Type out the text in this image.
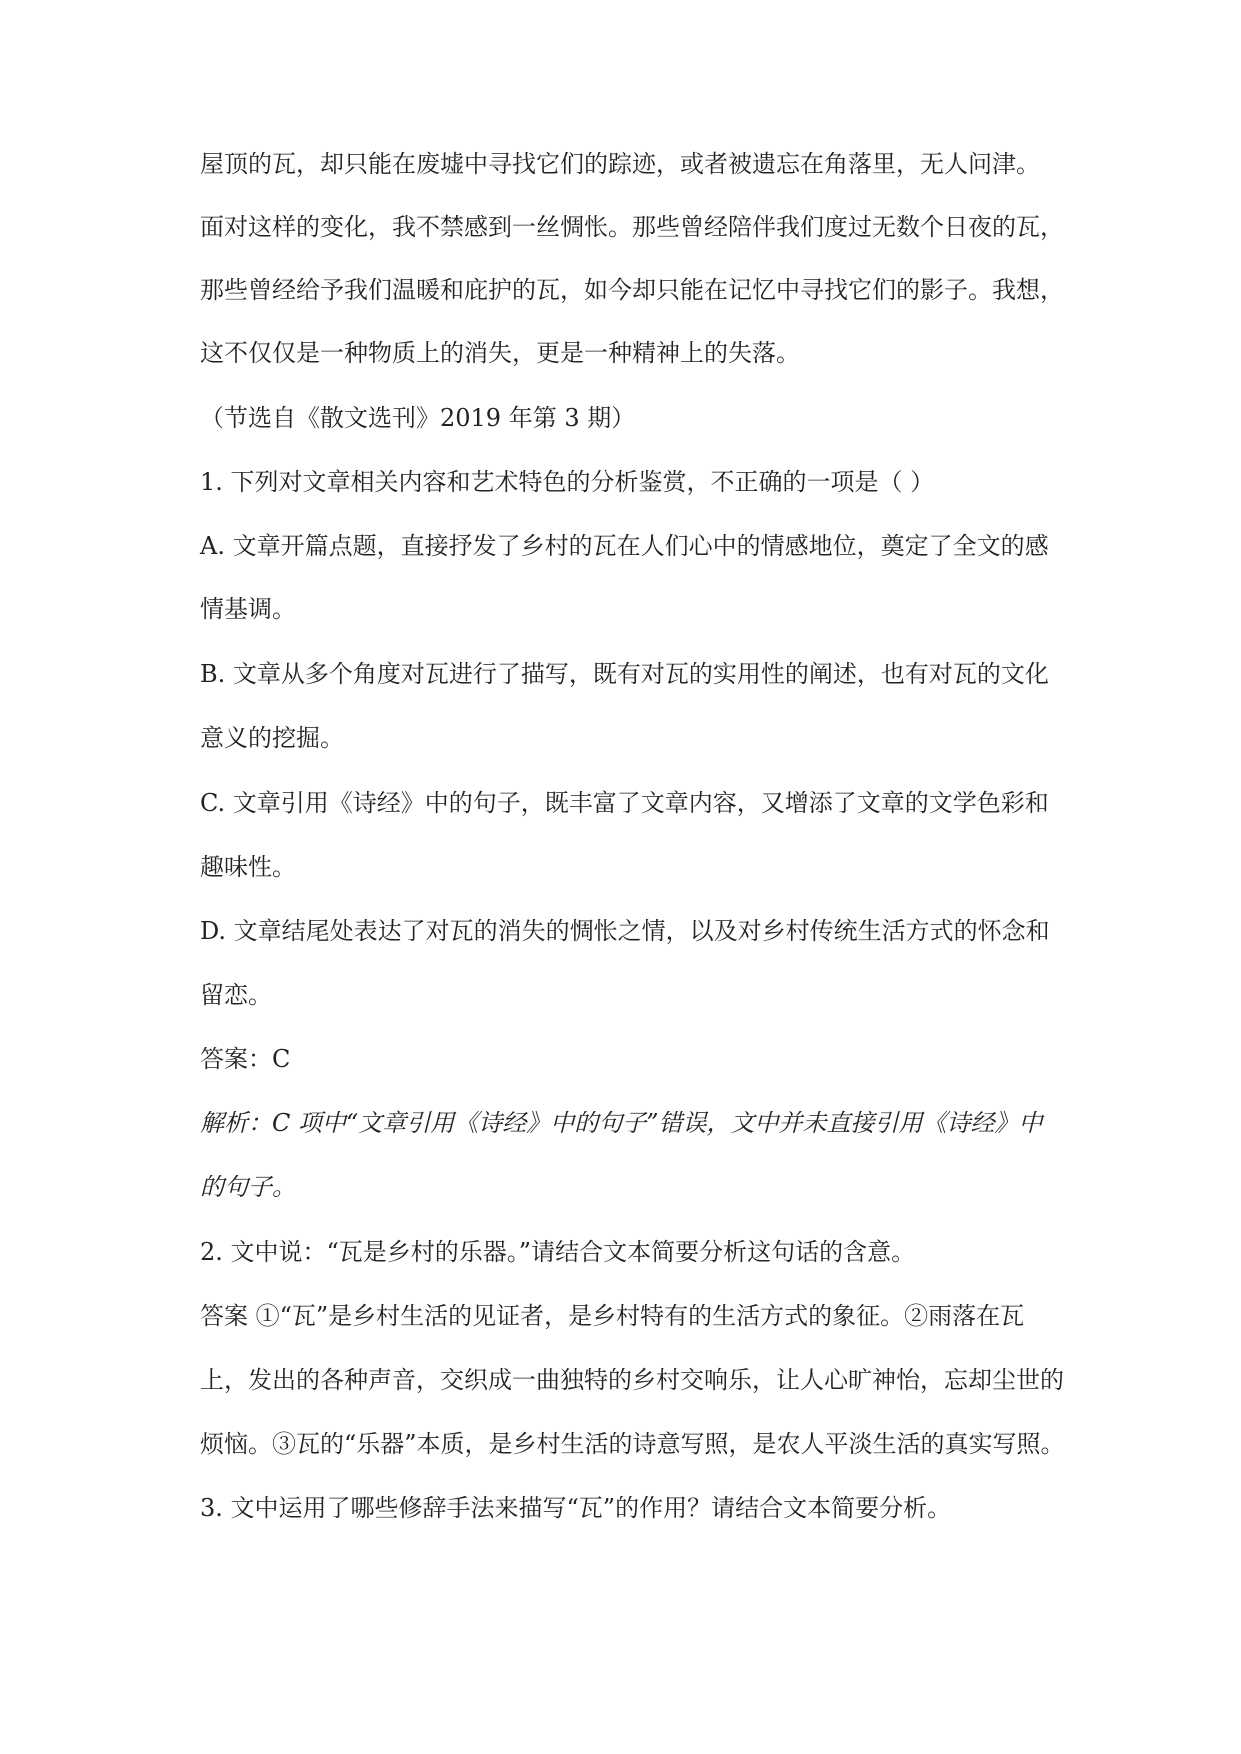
屋顶的瓦，却只能在废墟中寻找它们的踪迹，或者被遗忘在角落里，无人问津。
面对这样的变化，我不禁感到一丝惆怅。那些曾经陪伴我们度过无数个日夜的瓦，
那些曾经给予我们温暖和庇护的瓦，如今却只能在记忆中寻找它们的影子。我想，
这不仅仅是一种物质上的消失，更是一种精神上的失落。
（节选自《散文选刊》2019 年第 3 期）
1. 下列对文章相关内容和艺术特色的分析鉴赏，不正确的一项是（ ）
A. 文章开篇点题，直接抒发了乡村的瓦在人们心中的情感地位，奠定了全文的感
情基调。
B. 文章从多个角度对瓦进行了描写，既有对瓦的实用性的阐述，也有对瓦的文化
意义的挖掘。
C. 文章引用《诗经》中的句子，既丰富了文章内容，又增添了文章的文学色彩和
趣味性。
D. 文章结尾处表达了对瓦的消失的惆怅之情，以及对乡村传统生活方式的怀念和
留恋。
答案：C
解析：C 项中“文章引用《诗经》中的句子”错误，文中并未直接引用《诗经》中
的句子。
2. 文中说：“瓦是乡村的乐器。”请结合文本简要分析这句话的含意。
答案 ①“瓦”是乡村生活的见证者，是乡村特有的生活方式的象征。②雨落在瓦
上，发出的各种声音，交织成一曲独特的乡村交响乐，让人心旷神怡，忘却尘世的
烦恼。③瓦的“乐器”本质，是乡村生活的诗意写照，是农人平淡生活的真实写照。
3. 文中运用了哪些修辞手法来描写“瓦”的作用？请结合文本简要分析。
